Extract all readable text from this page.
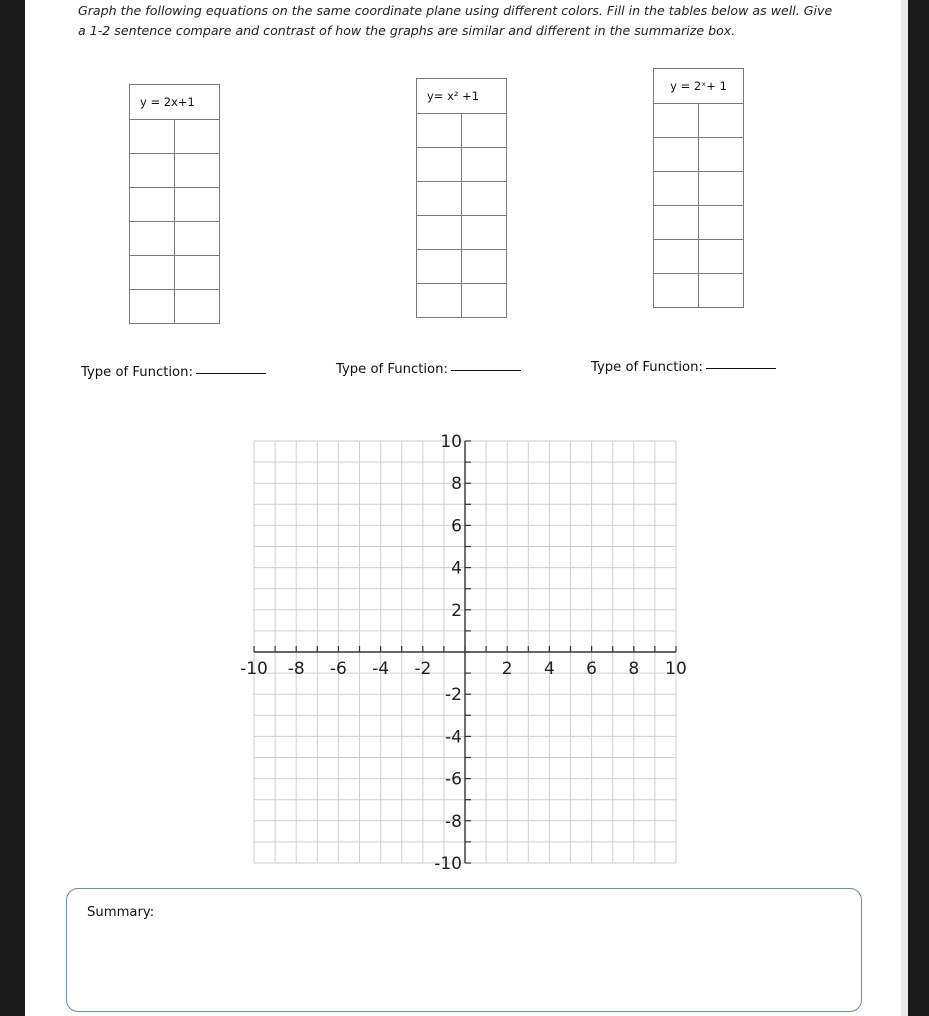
Graph the following equations on the same coordinate plane using different colors. Fill in the tables below as well. Give
a 1-2 sentence compare and contrast of how the graphs are similar and different in the summarize box.

y = 2x+1	

		y= x² +1	

y = 2ˣ+ 1	

Type of Function:	Type of Function:	Type of Function:
-10 -8 -6 -4 -2	2 4 6 8 10
10
8
6
4
2
-2
-4
-6
-8
-10
Summary:
